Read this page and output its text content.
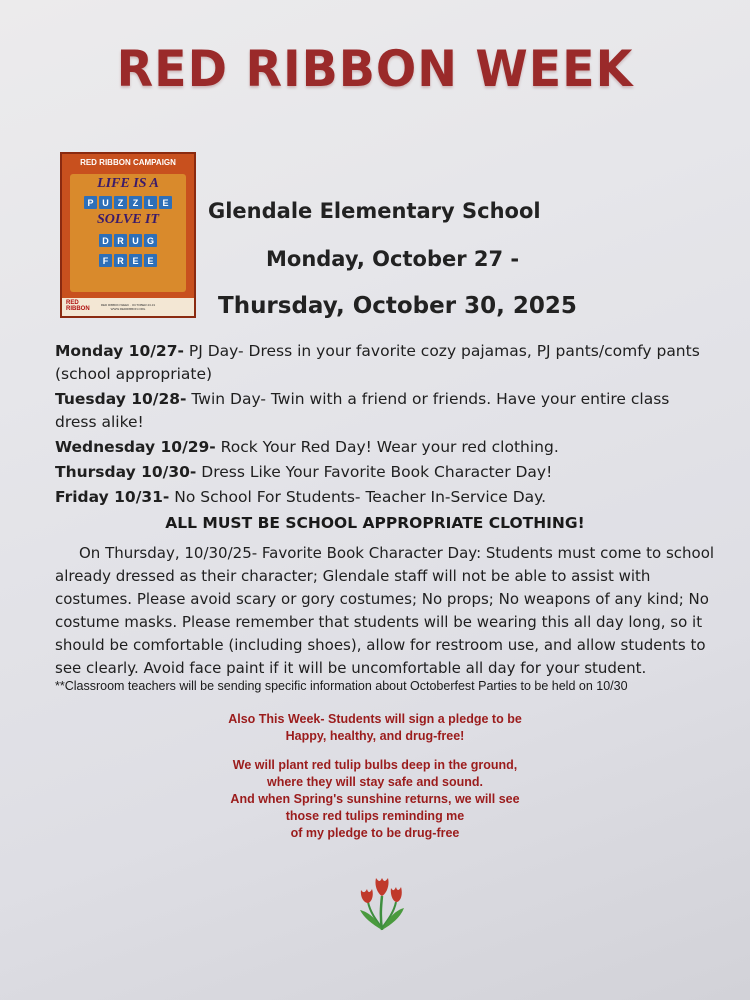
RED RIBBON WEEK
RED RIBBON CAMPAIGN
LIFE IS A
P U	Z	Z	L	E
SOLVE IT
D R U G
F	R E E
RED RIBBON
RED RIBBON WEEK · OCTOBER 23-31
WWW.REDRIBBON.ORG
Glendale Elementary School
Monday, October 27 -
Thursday, October 30, 2025

Monday 10/27- PJ Day- Dress in your favorite cozy pajamas, PJ pants/comfy pants (school appropriate)

Tuesday 10/28- Twin Day- Twin with a friend or friends. Have your entire class dress alike!

Wednesday 10/29- Rock Your Red Day! Wear your red clothing.

Thursday 10/30- Dress Like Your Favorite Book Character Day!

Friday 10/31- No School For Students- Teacher In-Service Day.

ALL MUST BE SCHOOL APPROPRIATE CLOTHING!
On Thursday, 10/30/25- Favorite Book Character Day: Students must come to school already dressed as their character; Glendale staff will not be able to assist with costumes. Please avoid scary or gory costumes; No props; No weapons of any kind; No costume masks. Please remember that students will be wearing this all day long, so it should be comfortable (including shoes), allow for restroom use, and allow students to see clearly. Avoid face paint if it will be uncomfortable all day for your student.
**Classroom teachers will be sending specific information about Octoberfest Parties to be held on 10/30
Also This Week- Students will sign a pledge to be
Happy, healthy, and drug-free!
We will plant red tulip bulbs deep in the ground,
where they will stay safe and sound.
And when Spring's sunshine returns, we will see
those red tulips reminding me
of my pledge to be drug-free
